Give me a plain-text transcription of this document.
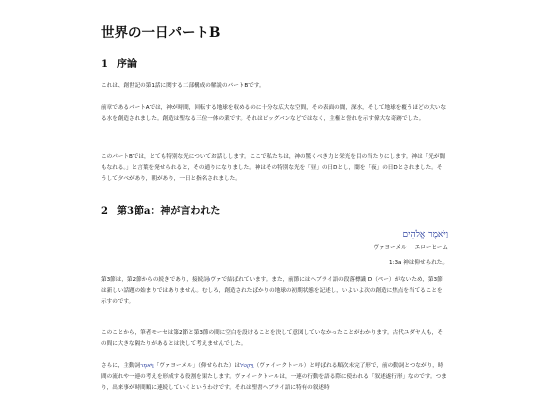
世界の一日パートB
1 序論

これは、創世記の第1話に関する二部構成の解説のパートBです。

前章であるパートAでは，神が時間，回転する地球を収めるのに十分な広大な空間，その表面の闇，深水，そして地球を覆うほどの大いなる水を創造されました。創造は聖なる三位一体の業です。それはビッグバンなどではなく，主権と誉れを示す偉大な奇跡でした。

このパートBでは，とても特別な光についてお話しします。ここで私たちは，神の驚くべき力と栄光を目の当たりにします。神は「光が闇もなれる。」と言葉を発せられると，その通りになりました。神はその特別な光を「昼」の日Dとし，闇を「夜」の日Dとされました。そうして夕べがあり，朝があり，一日と指名されました。

2 第3節a：神が言われた
וַיֹּאמֶר אֱלֹהִים
ヴァヨーメル エローヒーム
1:3a 神は仰せられた。

第3節は，第2節からの続きであり，接続詞וヴァで結ばれています。また，前節にはヘブライ語の段落標識 D（ペー）がないため，第3節は新しい話題の始まりではありません。むしろ，創造されたばかりの地球の初期状態を記述し，いよいよ次の創造に焦点を当てることを示すのです。

このことから，筆者モーセは第2節と第3節の間に空白を設けることを決して意図していなかったことがわかります。古代ユダヤ人も，その間に大きな隔たりがあるとは決して考えませんでした。

さらに，主動詞וַיֹּאמֶר「ヴァヨーメル」（仰せられた）はוַיִּקְטֹל（ヴァイークトール）と呼ばれる順次未完了形で，前の動詞とつながり，時間の流れや一連の考えを形成する役割を果たします。ヴァイークトールは，一連の行動を語る際に使われる「叙述遂行形」なのです。つまり，出来事が時間順に連続していくというわけです。それは聖書ヘブライ語に特有の叙述時
